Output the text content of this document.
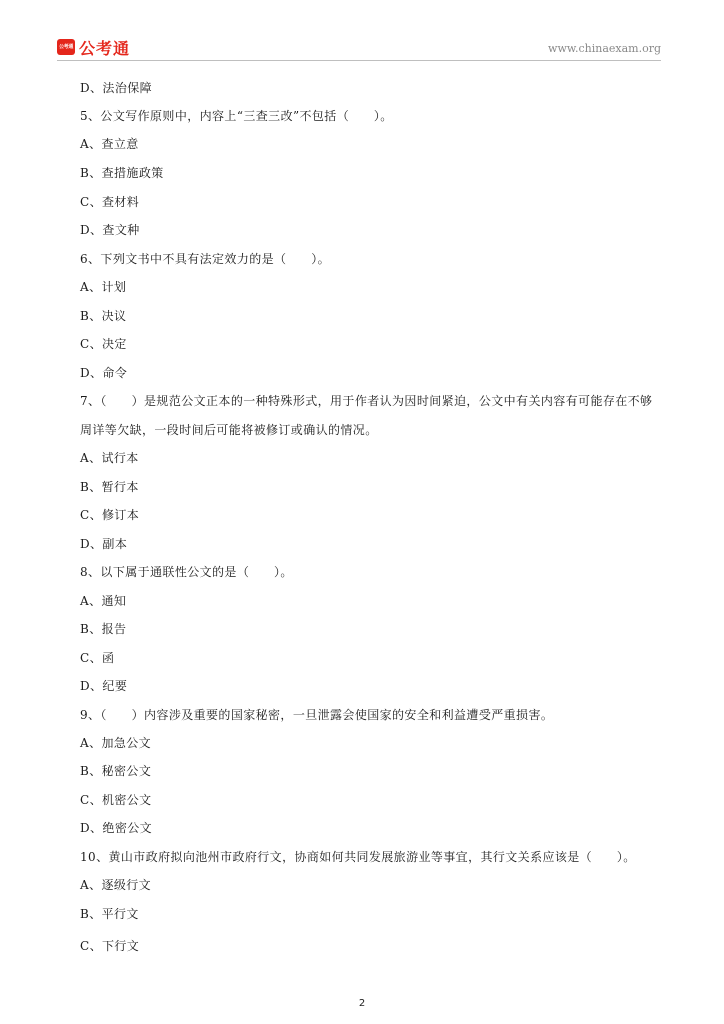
公考通 公考通	www.chinaexam.org
D、法治保障
5、公文写作原则中，内容上“三查三改”不包括（　　）。
A、查立意
B、查措施政策
C、查材料
D、查文种
6、下列文书中不具有法定效力的是（　　）。
A、计划
B、决议
C、决定
D、命令
7、（　　）是规范公文正本的一种特殊形式，用于作者认为因时间紧迫，公文中有关内容有可能存在不够
周详等欠缺，一段时间后可能将被修订或确认的情况。
A、试行本
B、暂行本
C、修订本
D、副本
8、以下属于通联性公文的是（　　）。
A、通知
B、报告
C、函
D、纪要
9、（　　）内容涉及重要的国家秘密，一旦泄露会使国家的安全和利益遭受严重损害。
A、加急公文
B、秘密公文
C、机密公文
D、绝密公文
10、黄山市政府拟向池州市政府行文，协商如何共同发展旅游业等事宜，其行文关系应该是（　　）。
A、逐级行文
B、平行文
C、下行文
2
